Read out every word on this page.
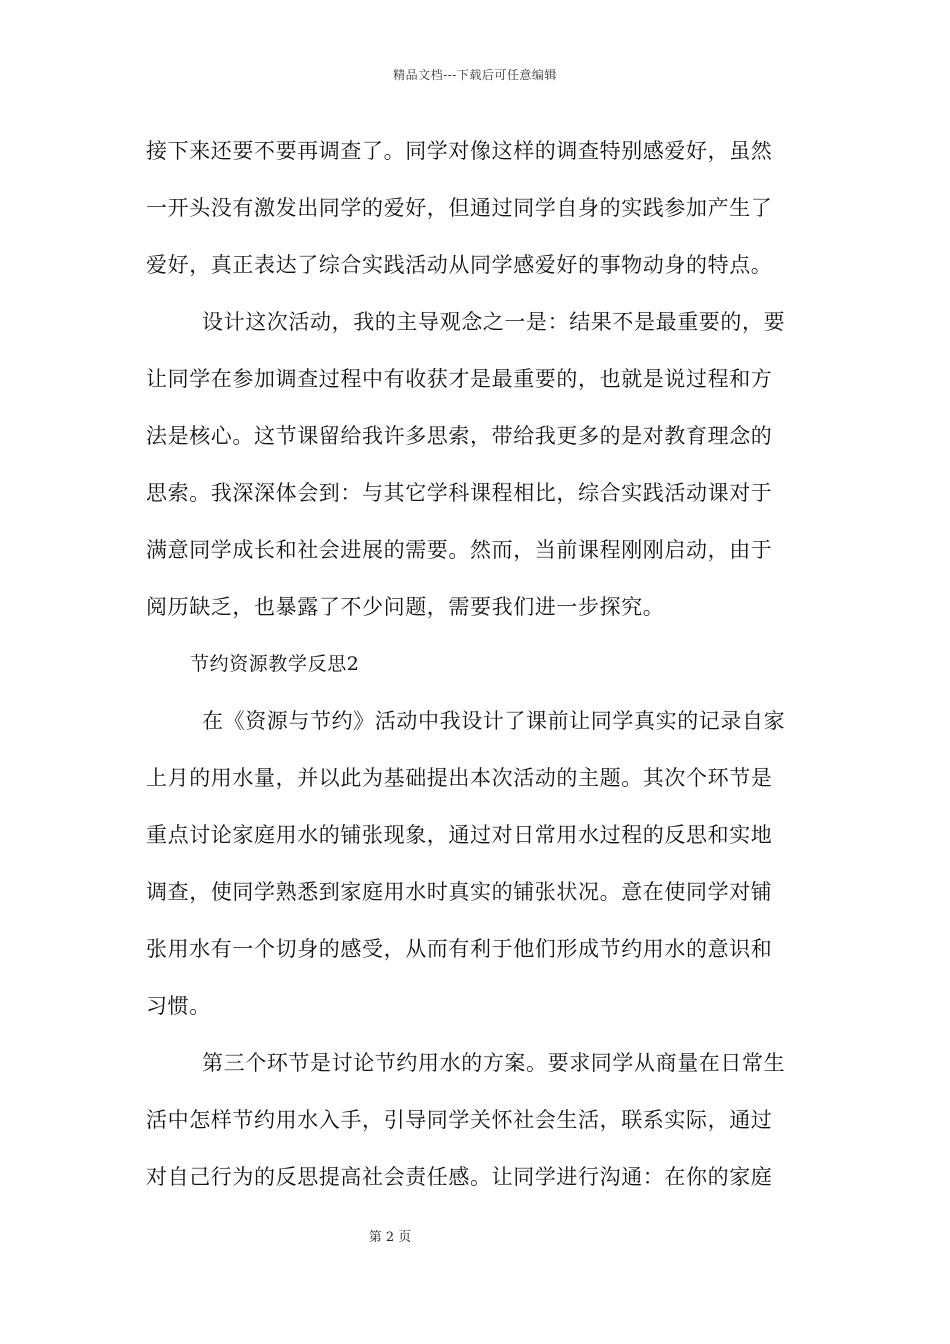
精品文档---下载后可任意编辑
接下来还要不要再调查了。同学对像这样的调查特别感爱好，虽然
一开头没有激发出同学的爱好，但通过同学自身的实践参加产生了
爱好，真正表达了综合实践活动从同学感爱好的事物动身的特点。
设计这次活动，我的主导观念之一是：结果不是最重要的，要
让同学在参加调查过程中有收获才是最重要的，也就是说过程和方
法是核心。这节课留给我许多思索，带给我更多的是对教育理念的
思索。我深深体会到：与其它学科课程相比，综合实践活动课对于
满意同学成长和社会进展的需要。然而，当前课程刚刚启动，由于
阅历缺乏，也暴露了不少问题，需要我们进一步探究。
节约资源教学反思2
在《资源与节约》活动中我设计了课前让同学真实的记录自家
上月的用水量，并以此为基础提出本次活动的主题。其次个环节是
重点讨论家庭用水的铺张现象，通过对日常用水过程的反思和实地
调查，使同学熟悉到家庭用水时真实的铺张状况。意在使同学对铺
张用水有一个切身的感受，从而有利于他们形成节约用水的意识和
习惯。
第三个环节是讨论节约用水的方案。要求同学从商量在日常生
活中怎样节约用水入手，引导同学关怀社会生活，联系实际，通过
对自己行为的反思提高社会责任感。让同学进行沟通：在你的家庭
第 2 页
